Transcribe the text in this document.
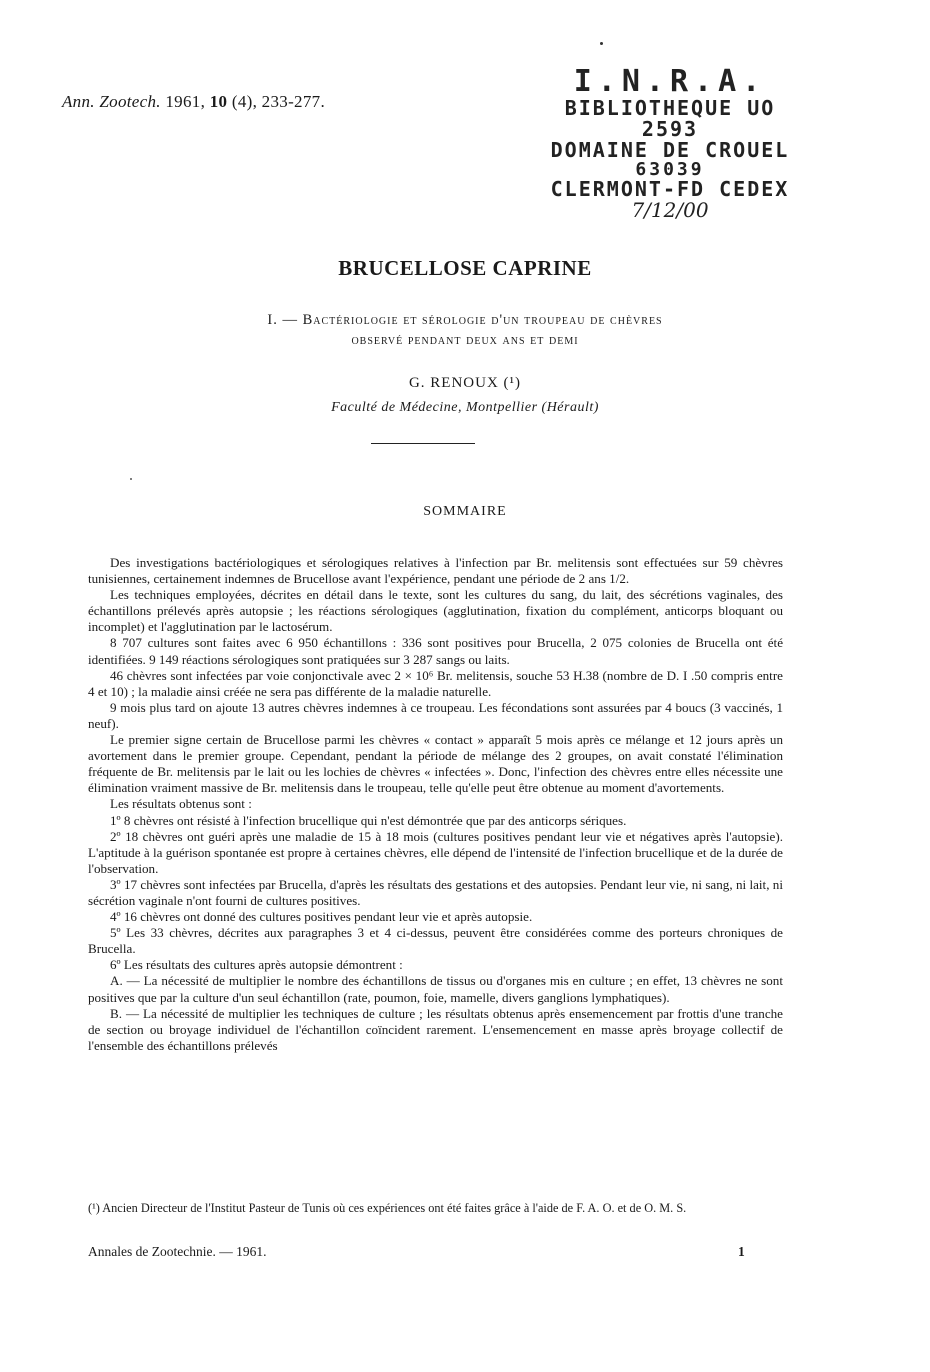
Ann. Zootech. 1961, 10 (4), 233-277.
I.N.R.A.
BIBLIOTHEQUE UO 2593
DOMAINE DE CROUEL
63039
CLERMONT-FD CEDEX
7/12/00
BRUCELLOSE CAPRINE
I. — Bactériologie et sérologie d'un troupeau de chèvres
observé pendant deux ans et demi
G. RENOUX (¹)
Faculté de Médecine, Montpellier (Hérault)
SOMMAIRE

Des investigations bactériologiques et sérologiques relatives à l'infection par Br. melitensis sont effectuées sur 59 chèvres tunisiennes, certainement indemnes de Brucellose avant l'expérience, pendant une période de 2 ans 1/2.

Les techniques employées, décrites en détail dans le texte, sont les cultures du sang, du lait, des sécrétions vaginales, des échantillons prélevés après autopsie ; les réactions sérologiques (agglutination, fixation du complément, anticorps bloquant ou incomplet) et l'agglutination par le lactosérum.

8 707 cultures sont faites avec 6 950 échantillons : 336 sont positives pour Brucella, 2 075 colonies de Brucella ont été identifiées. 9 149 réactions sérologiques sont pratiquées sur 3 287 sangs ou laits.

46 chèvres sont infectées par voie conjonctivale avec 2 × 10⁶ Br. melitensis, souche 53 H.38 (nombre de D. I .50 compris entre 4 et 10) ; la maladie ainsi créée ne sera pas différente de la maladie naturelle.

9 mois plus tard on ajoute 13 autres chèvres indemnes à ce troupeau. Les fécondations sont assurées par 4 boucs (3 vaccinés, 1 neuf).

Le premier signe certain de Brucellose parmi les chèvres « contact » apparaît 5 mois après ce mélange et 12 jours après un avortement dans le premier groupe. Cependant, pendant la période de mélange des 2 groupes, on avait constaté l'élimination fréquente de Br. melitensis par le lait ou les lochies de chèvres « infectées ». Donc, l'infection des chèvres entre elles nécessite une élimination vraiment massive de Br. melitensis dans le troupeau, telle qu'elle peut être obtenue au moment d'avortements.

Les résultats obtenus sont :

1º 8 chèvres ont résisté à l'infection brucellique qui n'est démontrée que par des anticorps sériques.

2º 18 chèvres ont guéri après une maladie de 15 à 18 mois (cultures positives pendant leur vie et négatives après l'autopsie). L'aptitude à la guérison spontanée est propre à certaines chèvres, elle dépend de l'intensité de l'infection brucellique et de la durée de l'observation.

3º 17 chèvres sont infectées par Brucella, d'après les résultats des gestations et des autopsies. Pendant leur vie, ni sang, ni lait, ni sécrétion vaginale n'ont fourni de cultures positives.

4º 16 chèvres ont donné des cultures positives pendant leur vie et après autopsie.

5º Les 33 chèvres, décrites aux paragraphes 3 et 4 ci-dessus, peuvent être considérées comme des porteurs chroniques de Brucella.

6º Les résultats des cultures après autopsie démontrent :

A. — La nécessité de multiplier le nombre des échantillons de tissus ou d'organes mis en culture ; en effet, 13 chèvres ne sont positives que par la culture d'un seul échantillon (rate, poumon, foie, mamelle, divers ganglions lymphatiques).

B. — La nécessité de multiplier les techniques de culture ; les résultats obtenus après ensemencement par frottis d'une tranche de section ou broyage individuel de l'échantillon coïncident rarement. L'ensemencement en masse après broyage collectif de l'ensemble des échantillons prélevés

(¹) Ancien Directeur de l'Institut Pasteur de Tunis où ces expériences ont été faites grâce à l'aide de F. A. O. et de O. M. S.
Annales de Zootechnie. — 1961.	1
